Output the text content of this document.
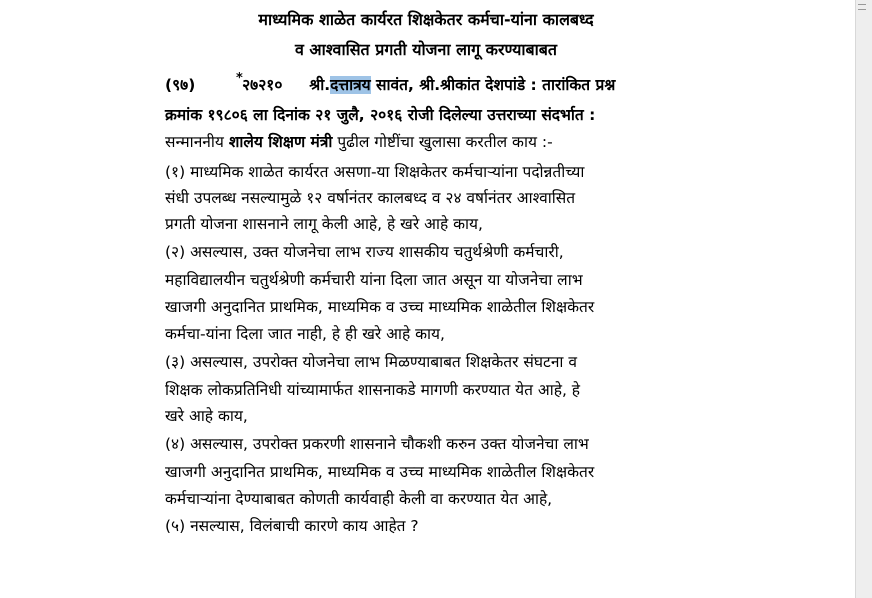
माध्यमिक शाळेत कार्यरत शिक्षकेतर कर्मचा-यांना कालबध्द
व आश्वासित प्रगती योजना लागू करण्याबाबत
(९७)	२७२१० श्री.दत्तात्रय सावंत, श्री.श्रीकांत देशपांडे : तारांकित प्रश्न
*
क्रमांक १९८०६ ला दिनांक २१ जुलै, २०१६ रोजी दिलेल्या उत्तराच्या संदर्भात :
सन्माननीय शालेय शिक्षण मंत्री पुढील गोष्टींचा खुलासा करतील काय :-
(१) माध्यमिक शाळेत कार्यरत असणा-या शिक्षकेतर कर्मचाऱ्यांना पदोन्नतीच्या
संधी उपलब्ध नसल्यामुळे १२ वर्षानंतर कालबध्द व २४ वर्षानंतर आश्वासित
प्रगती योजना शासनाने लागू केली आहे, हे खरे आहे काय,
(२) असल्यास, उक्त योजनेचा लाभ राज्य शासकीय चतुर्थश्रेणी कर्मचारी,
महाविद्यालयीन चतुर्थश्रेणी कर्मचारी यांना दिला जात असून या योजनेचा लाभ
खाजगी अनुदानित प्राथमिक, माध्यमिक व उच्च माध्यमिक शाळेतील शिक्षकेतर
कर्मचा-यांना दिला जात नाही, हे ही खरे आहे काय,
(३) असल्यास, उपरोक्त योजनेचा लाभ मिळण्याबाबत शिक्षकेतर संघटना व
शिक्षक लोकप्रतिनिधी यांच्यामार्फत शासनाकडे मागणी करण्यात येत आहे, हे
खरे आहे काय,
(४) असल्यास, उपरोक्त प्रकरणी शासनाने चौकशी करुन उक्त योजनेचा लाभ
खाजगी अनुदानित प्राथमिक, माध्यमिक व उच्च माध्यमिक शाळेतील शिक्षकेतर
कर्मचाऱ्यांना देण्याबाबत कोणती कार्यवाही केली वा करण्यात येत आहे,
(५) नसल्यास, विलंबाची कारणे काय आहेत ?
